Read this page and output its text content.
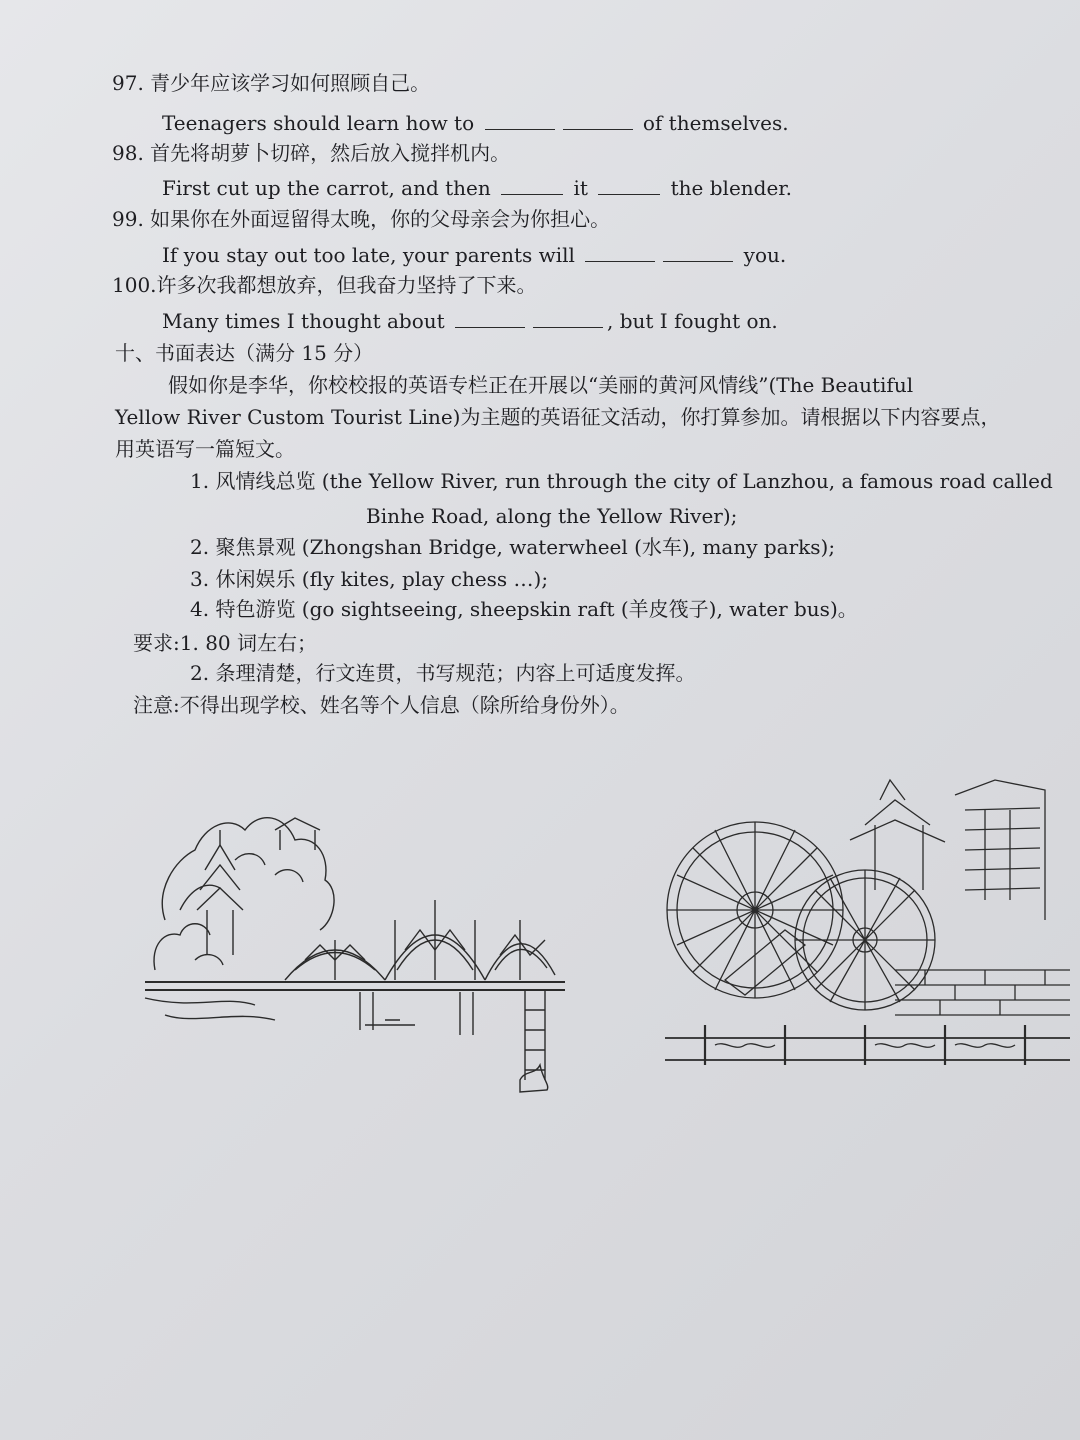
97. 青少年应该学习如何照顾自己。
Teenagers should learn how to	of themselves.
98. 首先将胡萝卜切碎，然后放入搅拌机内。
First cut up the carrot, and then	it	the blender.
99. 如果你在外面逗留得太晚，你的父母亲会为你担心。
If you stay out too late, your parents will	you.
100.许多次我都想放弃，但我奋力坚持了下来。
Many times I thought about	, but I fought on.
十、书面表达（满分 15 分）
假如你是李华，你校校报的英语专栏正在开展以“美丽的黄河风情线”(The Beautiful
Yellow River Custom Tourist Line)为主题的英语征文活动，你打算参加。请根据以下内容要点，
用英语写一篇短文。
1. 风情线总览 (the Yellow River, run through the city of Lanzhou, a famous road called
Binhe Road, along the Yellow River);
2. 聚焦景观 (Zhongshan Bridge, waterwheel (水车), many parks);
3. 休闲娱乐 (fly kites, play chess …);
4. 特色游览 (go sightseeing, sheepskin raft (羊皮筏子), water bus)。
要求:1. 80 词左右；
2. 条理清楚，行文连贯，书写规范；内容上可适度发挥。
注意:不得出现学校、姓名等个人信息（除所给身份外）。
